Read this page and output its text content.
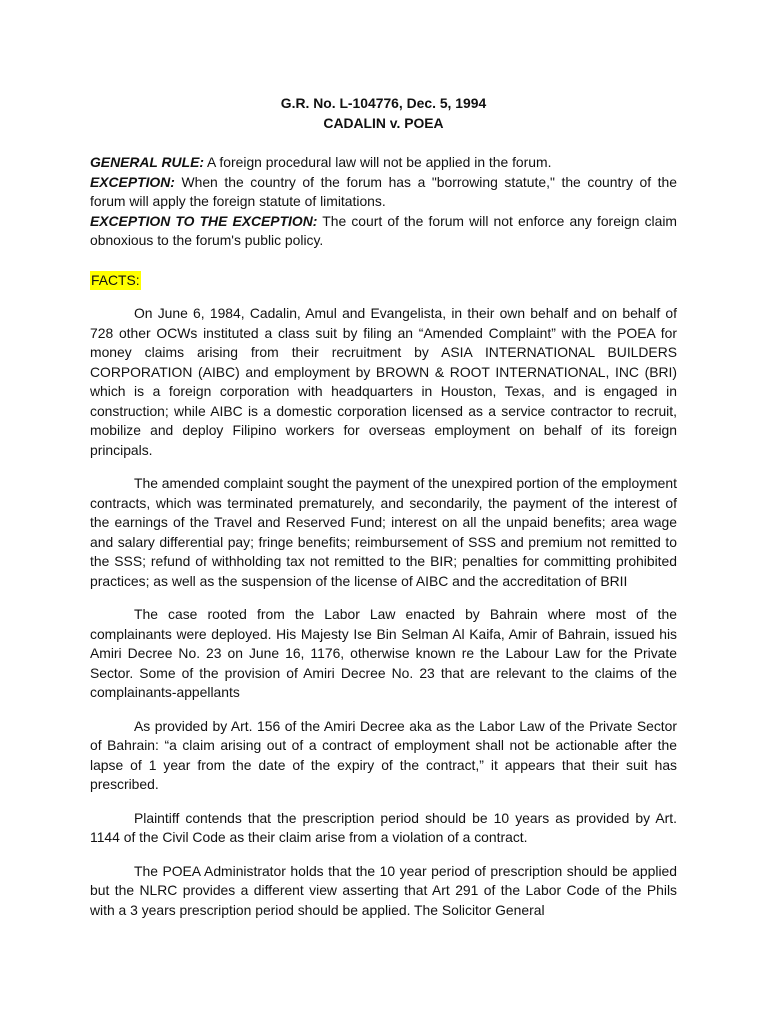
G.R. No. L-104776, Dec. 5, 1994
CADALIN v. POEA

GENERAL RULE: A foreign procedural law will not be applied in the forum.

EXCEPTION: When the country of the forum has a "borrowing statute," the country of the forum will apply the foreign statute of limitations.

EXCEPTION TO THE EXCEPTION: The court of the forum will not enforce any foreign claim obnoxious to the forum's public policy.

FACTS:

On June 6, 1984, Cadalin, Amul and Evangelista, in their own behalf and on behalf of 728 other OCWs instituted a class suit by filing an “Amended Complaint” with the POEA for money claims arising from their recruitment by ASIA INTERNATIONAL BUILDERS CORPORATION (AIBC) and employment by BROWN & ROOT INTERNATIONAL, INC (BRI) which is a foreign corporation with headquarters in Houston, Texas, and is engaged in construction; while AIBC is a domestic corporation licensed as a service contractor to recruit, mobilize and deploy Filipino workers for overseas employment on behalf of its foreign principals.

The amended complaint sought the payment of the unexpired portion of the employment contracts, which was terminated prematurely, and secondarily, the payment of the interest of the earnings of the Travel and Reserved Fund; interest on all the unpaid benefits; area wage and salary differential pay; fringe benefits; reimbursement of SSS and premium not remitted to the SSS; refund of withholding tax not remitted to the BIR; penalties for committing prohibited practices; as well as the suspension of the license of AIBC and the accreditation of BRII

The case rooted from the Labor Law enacted by Bahrain where most of the complainants were deployed. His Majesty Ise Bin Selman Al Kaifa, Amir of Bahrain, issued his Amiri Decree No. 23 on June 16, 1176, otherwise known re the Labour Law for the Private Sector. Some of the provision of Amiri Decree No. 23 that are relevant to the claims of the complainants-appellants

As provided by Art. 156 of the Amiri Decree aka as the Labor Law of the Private Sector of Bahrain: “a claim arising out of a contract of employment shall not be actionable after the lapse of 1 year from the date of the expiry of the contract,” it appears that their suit has prescribed.

Plaintiff contends that the prescription period should be 10 years as provided by Art. 1144 of the Civil Code as their claim arise from a violation of a contract.

The POEA Administrator holds that the 10 year period of prescription should be applied but the NLRC provides a different view asserting that Art 291 of the Labor Code of the Phils with a 3 years prescription period should be applied. The Solicitor General
